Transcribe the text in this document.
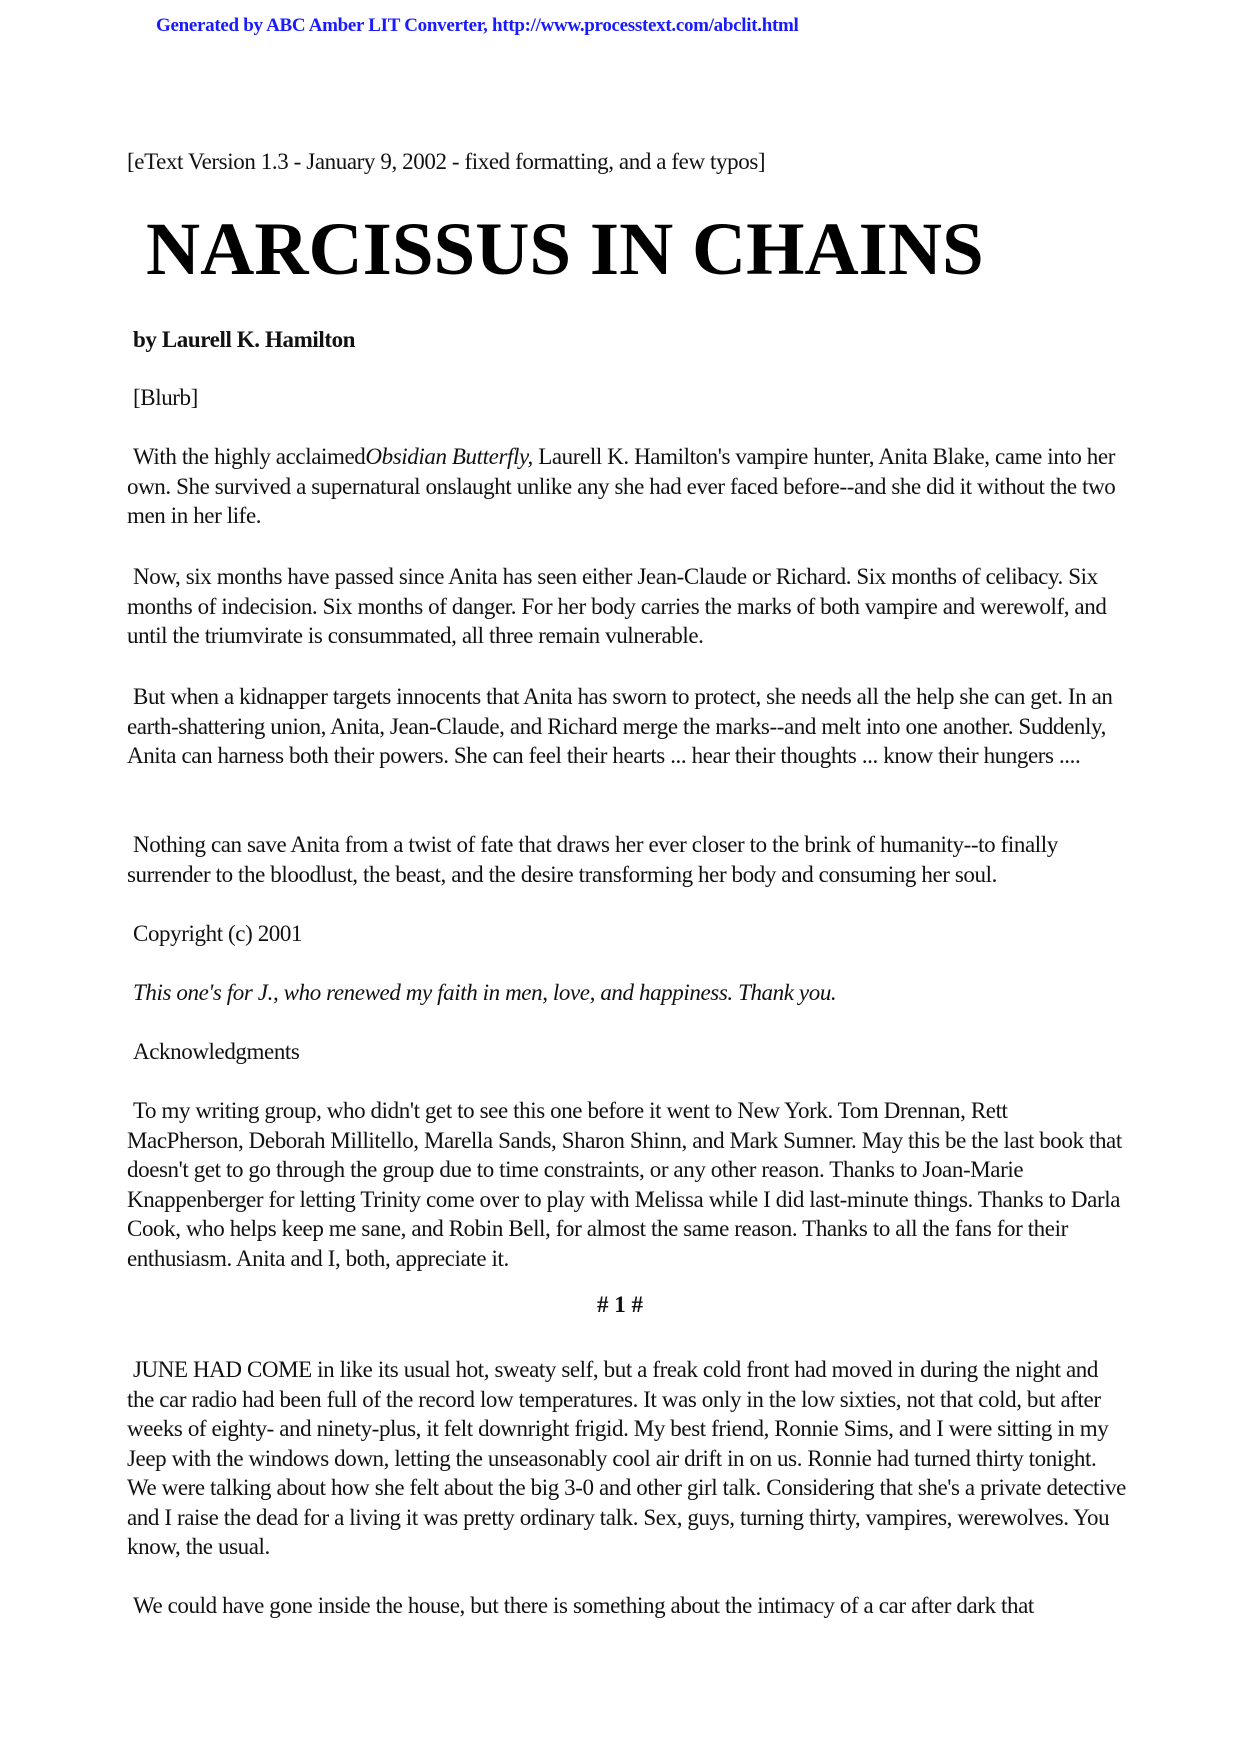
Generated by ABC Amber LIT Converter, http://www.processtext.com/abclit.html
[eText Version 1.3 - January 9, 2002 - fixed formatting, and a few typos]
NARCISSUS IN CHAINS
by Laurell K. Hamilton
[Blurb]
With the highly acclaimedObsidian Butterfly, Laurell K. Hamilton's vampire hunter, Anita Blake, came into her own. She survived a supernatural onslaught unlike any she had ever faced before--and she did it without the two men in her life.
Now, six months have passed since Anita has seen either Jean-Claude or Richard. Six months of celibacy. Six months of indecision. Six months of danger. For her body carries the marks of both vampire and werewolf, and until the triumvirate is consummated, all three remain vulnerable.
But when a kidnapper targets innocents that Anita has sworn to protect, she needs all the help she can get. In an earth-shattering union, Anita, Jean-Claude, and Richard merge the marks--and melt into one another. Suddenly, Anita can harness both their powers. She can feel their hearts ... hear their thoughts ... know their hungers ....
Nothing can save Anita from a twist of fate that draws her ever closer to the brink of humanity--to finally surrender to the bloodlust, the beast, and the desire transforming her body and consuming her soul.
Copyright (c) 2001
This one's for J., who renewed my faith in men, love, and happiness. Thank you.
Acknowledgments
To my writing group, who didn't get to see this one before it went to New York. Tom Drennan, Rett MacPherson, Deborah Millitello, Marella Sands, Sharon Shinn, and Mark Sumner. May this be the last book that doesn't get to go through the group due to time constraints, or any other reason. Thanks to Joan-Marie Knappenberger for letting Trinity come over to play with Melissa while I did last-minute things. Thanks to Darla Cook, who helps keep me sane, and Robin Bell, for almost the same reason. Thanks to all the fans for their enthusiasm. Anita and I, both, appreciate it.
# 1 #
JUNE HAD COME in like its usual hot, sweaty self, but a freak cold front had moved in during the night and the car radio had been full of the record low temperatures. It was only in the low sixties, not that cold, but after weeks of eighty- and ninety-plus, it felt downright frigid. My best friend, Ronnie Sims, and I were sitting in my Jeep with the windows down, letting the unseasonably cool air drift in on us. Ronnie had turned thirty tonight. We were talking about how she felt about the big 3-0 and other girl talk. Considering that she's a private detective and I raise the dead for a living it was pretty ordinary talk. Sex, guys, turning thirty, vampires, werewolves. You know, the usual.
We could have gone inside the house, but there is something about the intimacy of a car after dark that
